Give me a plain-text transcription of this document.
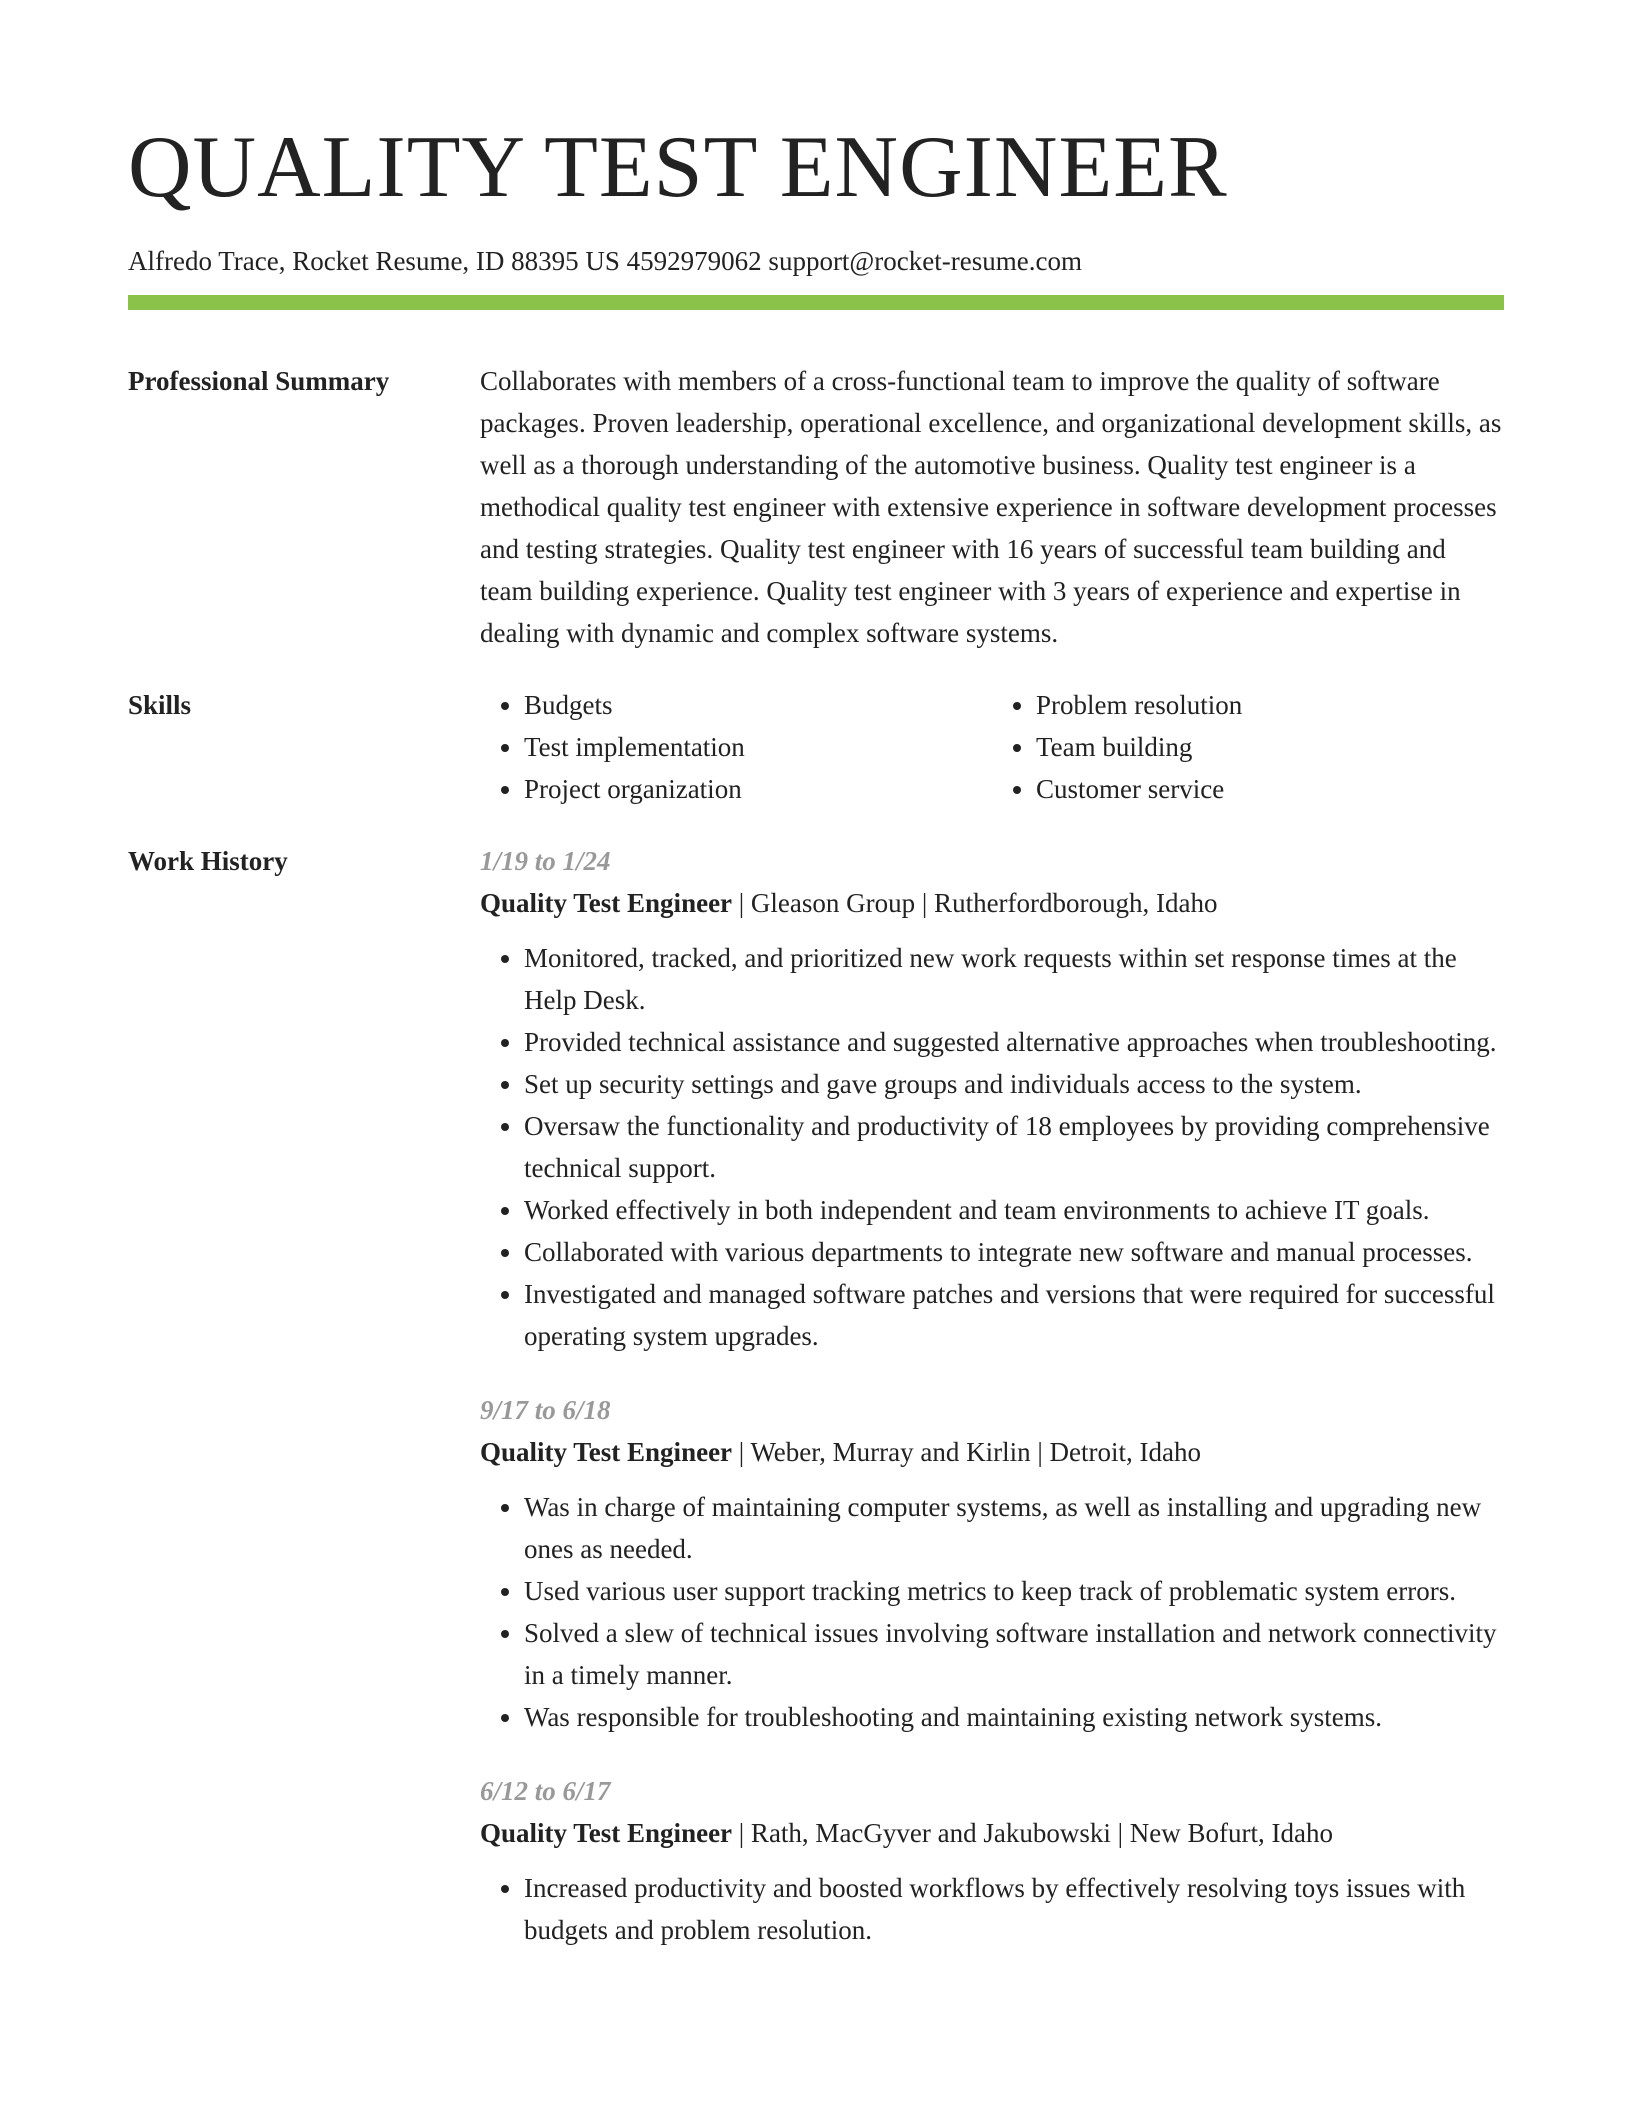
QUALITY TEST ENGINEER
Alfredo Trace, Rocket Resume, ID 88395 US 4592979062 support@rocket-resume.com
Professional Summary	Collaborates with members of a cross-functional team to improve the quality of software packages. Proven leadership, operational excellence, and organizational development skills, as well as a thorough understanding of the automotive business. Quality test engineer is a methodical quality test engineer with extensive experience in software development processes and testing strategies. Quality test engineer with 16 years of successful team building and team building experience. Quality test engineer with 3 years of experience and expertise in dealing with dynamic and complex software systems.
Skills
•	Budgets
• Test implementation
• Project organization
• Problem resolution
• Team building
• Customer service
Work History	1/19 to 1/24
Quality Test Engineer | Gleason Group | Rutherfordborough, Idaho
• Monitored, tracked, and prioritized new work requests within set response times at the Help Desk.
• Provided technical assistance and suggested alternative approaches when troubleshooting.
• Set up security settings and gave groups and individuals access to the system.
• Oversaw the functionality and productivity of 18 employees by providing comprehensive technical support.
• Worked effectively in both independent and team environments to achieve IT goals.
• Collaborated with various departments to integrate new software and manual processes.
• Investigated and managed software patches and versions that were required for successful operating system upgrades.
9/17 to 6/18
Quality Test Engineer | Weber, Murray and Kirlin | Detroit, Idaho
• Was in charge of maintaining computer systems, as well as installing and upgrading new ones as needed.
• Used various user support tracking metrics to keep track of problematic system errors.
• Solved a slew of technical issues involving software installation and network connectivity in a timely manner.
• Was responsible for troubleshooting and maintaining existing network systems.
6/12 to 6/17
Quality Test Engineer | Rath, MacGyver and Jakubowski | New Bofurt, Idaho
• Increased productivity and boosted workflows by effectively resolving toys issues with budgets and problem resolution.
